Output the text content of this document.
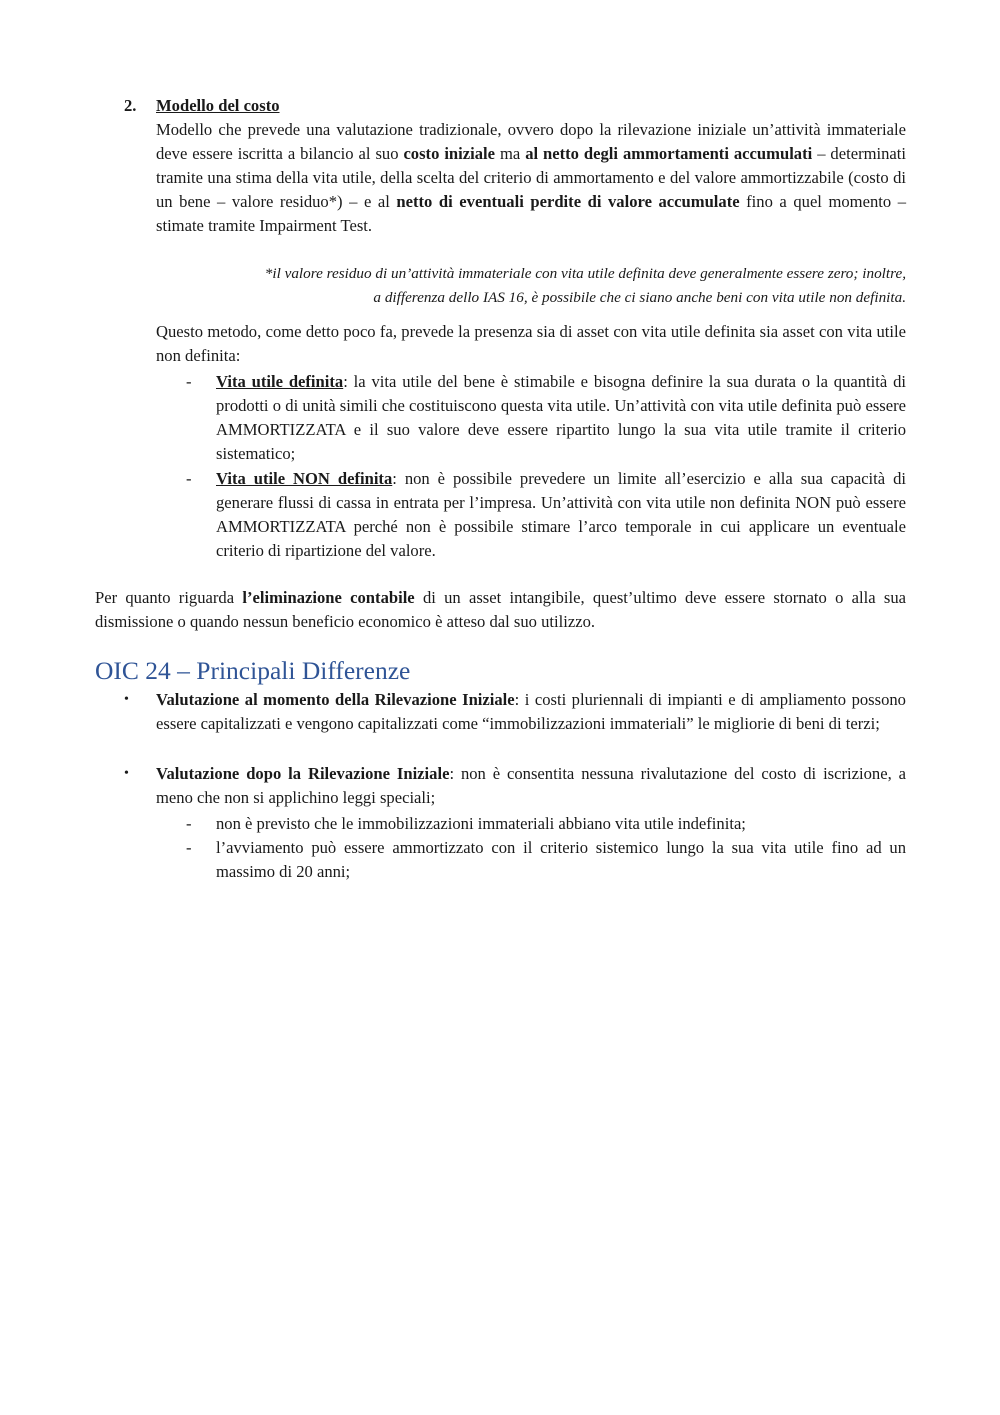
2. Modello del costo

Modello che prevede una valutazione tradizionale, ovvero dopo la rilevazione iniziale un’attività immateriale deve essere iscritta a bilancio al suo costo iniziale ma al netto degli ammortamenti accumulati – determinati tramite una stima della vita utile, della scelta del criterio di ammortamento e del valore ammortizzabile (costo di un bene – valore residuo*) – e al netto di eventuali perdite di valore accumulate fino a quel momento – stimate tramite Impairment Test.

*il valore residuo di un’attività immateriale con vita utile definita deve generalmente essere zero; inoltre,
a differenza dello IAS 16, è possibile che ci siano anche beni con vita utile non definita.

Questo metodo, come detto poco fa, prevede la presenza sia di asset con vita utile definita sia asset con vita utile non definita:

- Vita utile definita: la vita utile del bene è stimabile e bisogna definire la sua durata o la quantità di prodotti o di unità simili che costituiscono questa vita utile. Un’attività con vita utile definita può essere AMMORTIZZATA e il suo valore deve essere ripartito lungo la sua vita utile tramite il criterio sistematico;

- Vita utile NON definita: non è possibile prevedere un limite all’esercizio e alla sua capacità di generare flussi di cassa in entrata per l’impresa. Un’attività con vita utile non definita NON può essere AMMORTIZZATA perché non è possibile stimare l’arco temporale in cui applicare un eventuale criterio di ripartizione del valore.

Per quanto riguarda l’eliminazione contabile di un asset intangibile, quest’ultimo deve essere stornato o alla sua dismissione o quando nessun beneficio economico è atteso dal suo utilizzo.

OIC 24 – Principali Differenze
• Valutazione al momento della Rilevazione Iniziale: i costi pluriennali di impianti e di ampliamento possono essere capitalizzati e vengono capitalizzati come “immobilizzazioni immateriali” le migliorie di beni di terzi;

• Valutazione dopo la Rilevazione Iniziale: non è consentita nessuna rivalutazione del costo di iscrizione, a meno che non si applichino leggi speciali;

- non è previsto che le immobilizzazioni immateriali abbiano vita utile indefinita;

- l’avviamento può essere ammortizzato con il criterio sistemico lungo la sua vita utile fino ad un massimo di 20 anni;
